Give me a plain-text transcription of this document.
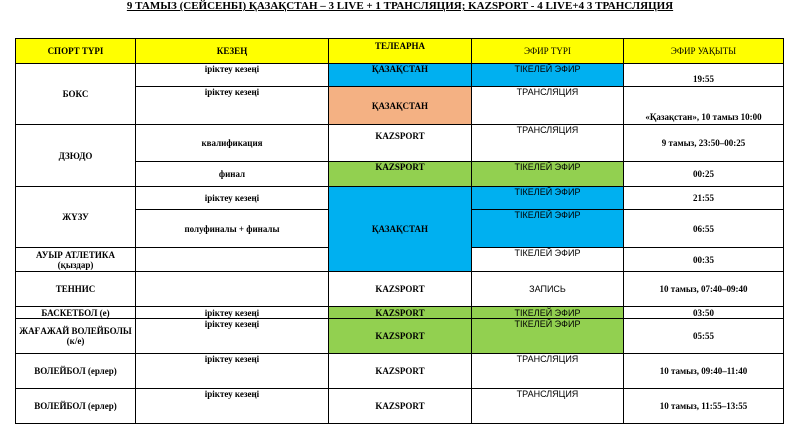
9 ТАМЫЗ (СЕЙСЕНБІ) ҚАЗАҚСТАН – 3 LIVE + 1 ТРАНСЛЯЦИЯ; KAZSPORT - 4 LIVE+4 3 ТРАНСЛЯЦИЯ
СПОРТ ТҮРІ	КЕЗЕҢ	ТЕЛЕАРНА	ЭФИР ТҮРІ	ЭФИР УАҚЫТЫ
БОКС	іріктеу кезеңі	ҚАЗАҚСТАН	ТІКЕЛЕЙ ЭФИР	19:55
	іріктеу кезеңі	ҚАЗАҚСТАН	ТРАНСЛЯЦИЯ	«Қазақстан», 10 тамыз 10:00
ДЗЮДО	квалификация	KAZSPORT	ТРАНСЛЯЦИЯ	9 тамыз, 23:50–00:25
	финал	KAZSPORT	ТІКЕЛЕЙ ЭФИР	00:25
ЖҮЗУ	іріктеу кезеңі	ҚАЗАҚСТАН	ТІКЕЛЕЙ ЭФИР	21:55
	полуфиналы + финалы		ТІКЕЛЕЙ ЭФИР	06:55
АУЫР АТЛЕТИКА (қыздар)			ТІКЕЛЕЙ ЭФИР	00:35
ТЕННИС		KAZSPORT	ЗАПИСЬ	10 тамыз, 07:40–09:40
БАСКЕТБОЛ (е)	іріктеу кезеңі	KAZSPORT	ТІКЕЛЕЙ ЭФИР	03:50
ЖАҒАЖАЙ ВОЛЕЙБОЛЫ (к/е)	іріктеу кезеңі	KAZSPORT	ТІКЕЛЕЙ ЭФИР	05:55
ВОЛЕЙБОЛ (ерлер)	іріктеу кезеңі	KAZSPORT	ТРАНСЛЯЦИЯ	10 тамыз, 09:40–11:40
ВОЛЕЙБОЛ (ерлер)	іріктеу кезеңі	KAZSPORT	ТРАНСЛЯЦИЯ	10 тамыз, 11:55–13:55
